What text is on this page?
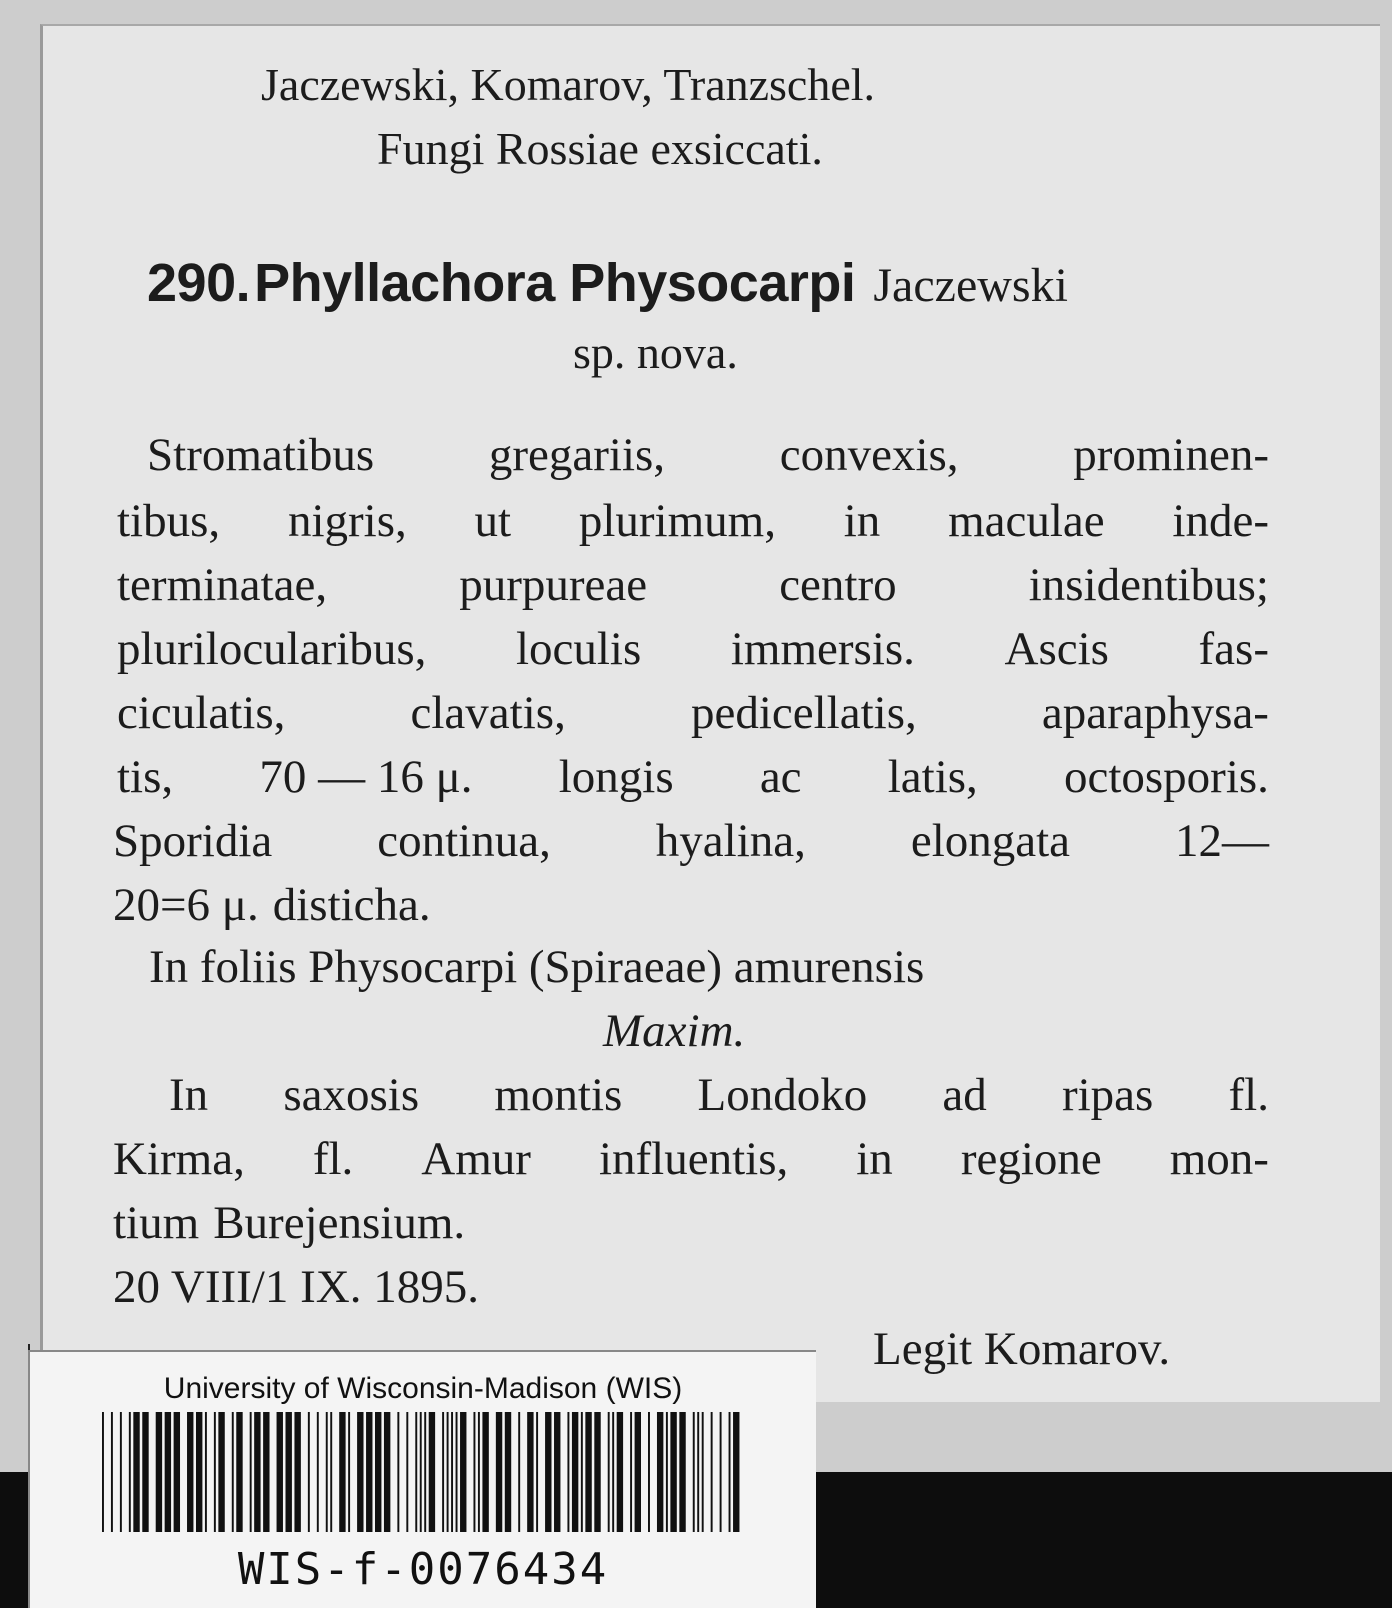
Jaczewski, Komarov, Tranzschel.
Fungi Rossiae exsiccati.
290. Phyllachora Physocarpi Jaczewski
sp. nova.
Stromatibus gregariis, convexis, prominen-
tibus, nigris, ut plurimum, in maculae inde-
terminatae,	purpureae	centro	insidentibus;
plurilocularibus, loculis immersis. Ascis fas-
ciculatis,	clavatis,	pedicellatis,	aparaphysa-
tis, 70 — 16 μ. longis ac latis, octosporis.
Sporidia continua, hyalina, elongata 12—
20=6 μ. disticha.
In foliis Physocarpi (Spiraeae) amurensis
Maxim.
In saxosis montis Londoko ad ripas fl.
Kirma, fl. Amur influentis, in regione mon-
tium Burejensium.
20 VIII/1 IX. 1895.
Legit Komarov.
University of Wisconsin-Madison (WIS)
WIS-f-0076434
